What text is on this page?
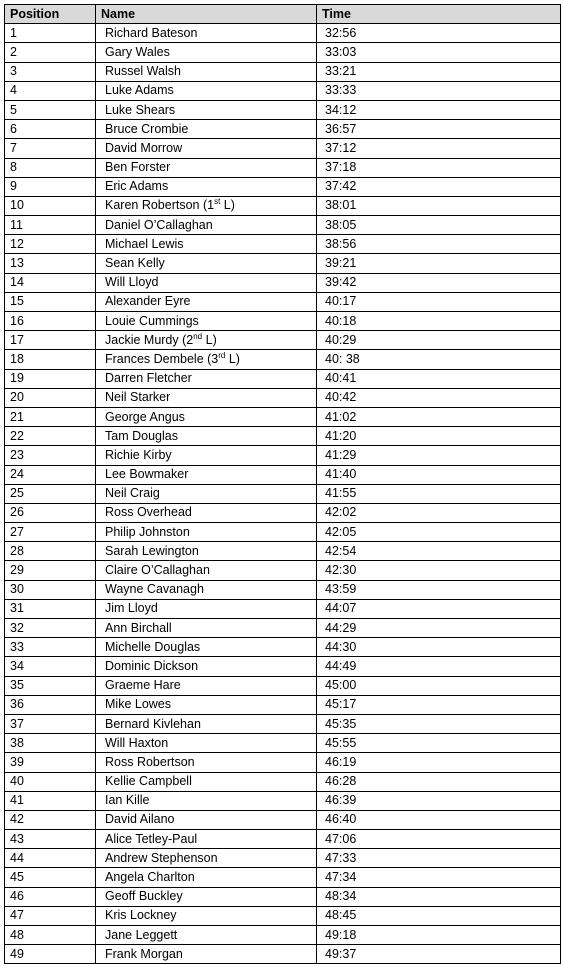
Position	Name	Time
1	Richard Bateson	32:56
2	Gary Wales	33:03
3	Russel Walsh	33:21
4	Luke Adams	33:33
5	Luke Shears	34:12
6	Bruce Crombie	36:57
7	David Morrow	37:12
8	Ben Forster	37:18
9	Eric Adams	37:42
10	Karen Robertson (1st L)	38:01
11	Daniel O’Callaghan	38:05
12	Michael Lewis	38:56
13	Sean Kelly	39:21
14	Will Lloyd	39:42
15	Alexander Eyre	40:17
16	Louie Cummings	40:18
17	Jackie Murdy (2nd L)	40:29
18	Frances Dembele (3rd L)	40: 38
19	Darren Fletcher	40:41
20	Neil Starker	40:42
21	George Angus	41:02
22	Tam Douglas	41:20
23	Richie Kirby	41:29
24	Lee Bowmaker	41:40
25	Neil Craig	41:55
26	Ross Overhead	42:02
27	Philip Johnston	42:05
28	Sarah Lewington	42:54
29	Claire O’Callaghan	42:30
30	Wayne Cavanagh	43:59
31	Jim Lloyd	44:07
32	Ann Birchall	44:29
33	Michelle Douglas	44:30
34	Dominic Dickson	44:49
35	Graeme Hare	45:00
36	Mike Lowes	45:17
37	Bernard Kivlehan	45:35
38	Will Haxton	45:55
39	Ross Robertson	46:19
40	Kellie Campbell	46:28
41	Ian Kille	46:39
42	David Ailano	46:40
43	Alice Tetley-Paul	47:06
44	Andrew Stephenson	47:33
45	Angela Charlton	47:34
46	Geoff Buckley	48:34
47	Kris Lockney	48:45
48	Jane Leggett	49:18
49	Frank Morgan	49:37
